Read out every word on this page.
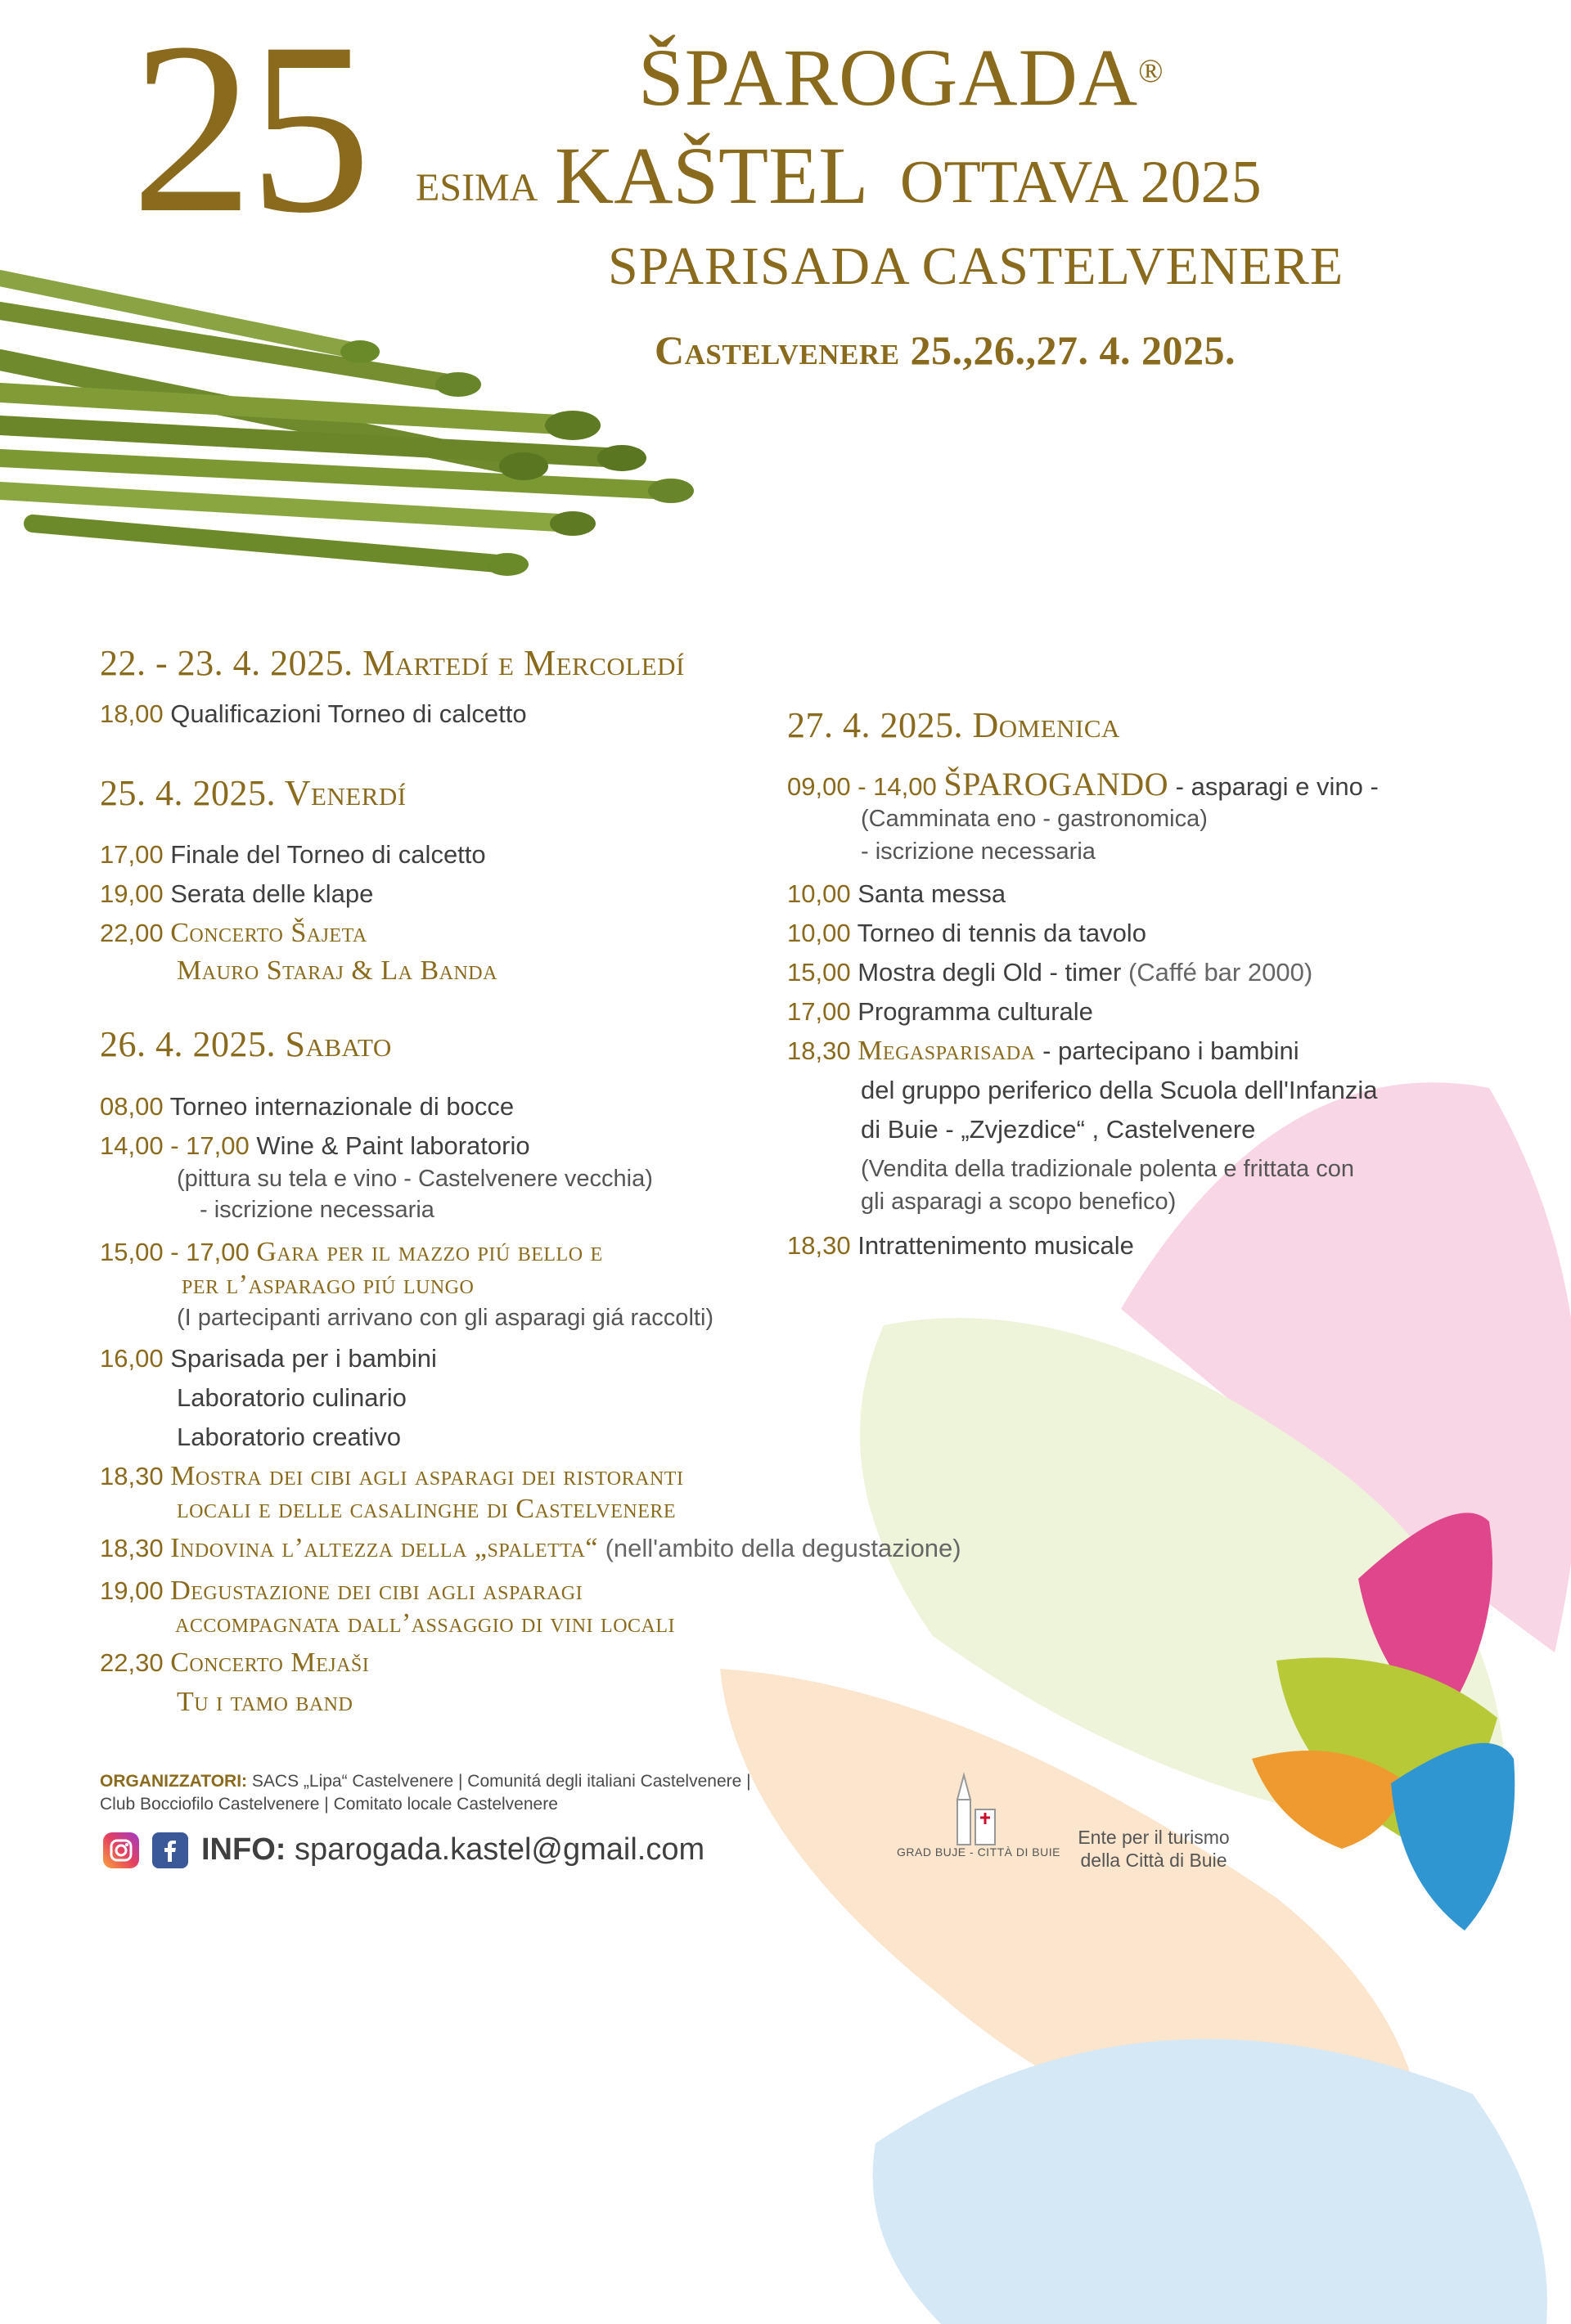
25	ŠPAROGADA®
ESIMA KAŠTEL OTTAVA 2025
SPARISADA CASTELVENERE
Castelvenere 25.,26.,27. 4. 2025.
22. - 23. 4. 2025. Martedí e Mercoledí
18,00 Qualificazioni Torneo di calcetto
25. 4. 2025. Venerdí
17,00 Finale del Torneo di calcetto
19,00 Serata delle klape
22,00 Concerto Šajeta
Mauro Staraj & La Banda
26. 4. 2025. Sabato
08,00 Torneo internazionale di bocce
14,00 - 17,00 Wine & Paint laboratorio
(pittura su tela e vino - Castelvenere vecchia)
- iscrizione necessaria
15,00 - 17,00 Gara per il mazzo piú bello e
per l’asparago piú lungo
(I partecipanti arrivano con gli asparagi giá raccolti)
16,00 Sparisada per i bambini
Laboratorio culinario
Laboratorio creativo
18,30 Mostra dei cibi agli asparagi dei ristoranti
locali e delle casalinghe di Castelvenere
18,30 Indovina l’altezza della „spaletta“ (nell'ambito della degustazione)
19,00 Degustazione dei cibi agli asparagi
accompagnata dall’assaggio di vini locali
22,30 Concerto Mejaši
Tu i tamo band
27. 4. 2025. Domenica
09,00 - 14,00 ŠPAROGANDO - asparagi e vino -
(Camminata eno - gastronomica)
- iscrizione necessaria
10,00 Santa messa
10,00 Torneo di tennis da tavolo
15,00 Mostra degli Old - timer (Caffé bar 2000)
17,00 Programma culturale
18,30 Megasparisada - partecipano i bambini
del gruppo periferico della Scuola dell'Infanzia
di Buie - „Zvjezdice“ , Castelvenere
(Vendita della tradizionale polenta e frittata con
gli asparagi a scopo benefico)
18,30 Intrattenimento musicale
ORGANIZZATORI: SACS „Lipa“ Castelvenere | Comunitá degli italiani Castelvenere |
Club Bocciofilo Castelvenere | Comitato locale Castelvenere
INFO: sparogada.kastel@gmail.com	GRAD BUJE - CITTÀ DI BUIE
Ente per il turismo
della Città di Buie
